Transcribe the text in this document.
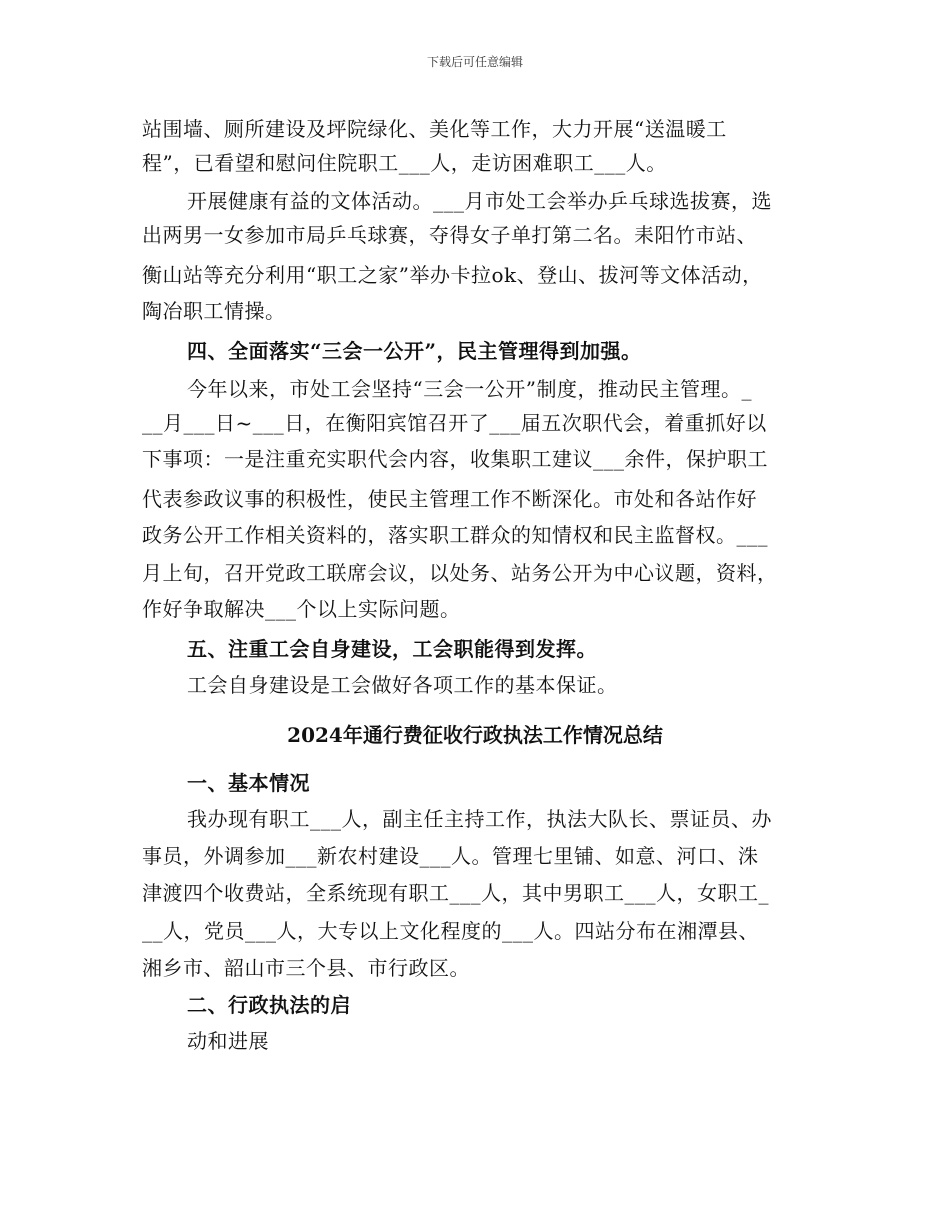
下载后可任意编辑
站围墙、厕所建设及坪院绿化、美化等工作，大力开展“送温暖工
程”，已看望和慰问住院职工___人，走访困难职工___人。
开展健康有益的文体活动。___月市处工会举办乒乓球选拔赛，选
出两男一女参加市局乒乓球赛，夺得女子单打第二名。耒阳竹市站、
衡山站等充分利用“职工之家”举办卡拉ok、登山、拔河等文体活动，
陶冶职工情操。
四、全面落实“三会一公开”，民主管理得到加强。
今年以来，市处工会坚持“三会一公开”制度，推动民主管理。_
__月___日~___日，在衡阳宾馆召开了___届五次职代会，着重抓好以
下事项：一是注重充实职代会内容，收集职工建议___余件，保护职工
代表参政议事的积极性，使民主管理工作不断深化。市处和各站作好
政务公开工作相关资料的，落实职工群众的知情权和民主监督权。___
月上旬，召开党政工联席会议，以处务、站务公开为中心议题，资料，
作好争取解决___个以上实际问题。
五、注重工会自身建设，工会职能得到发挥。
工会自身建设是工会做好各项工作的基本保证。
2024年通行费征收行政执法工作情况总结
一、基本情况
我办现有职工___人，副主任主持工作，执法大队长、票证员、办
事员，外调参加___新农村建设___人。管理七里铺、如意、河口、洙
津渡四个收费站，全系统现有职工___人，其中男职工___人，女职工_
__人，党员___人，大专以上文化程度的___人。四站分布在湘潭县、
湘乡市、韶山市三个县、市行政区。
二、行政执法的启
动和进展
